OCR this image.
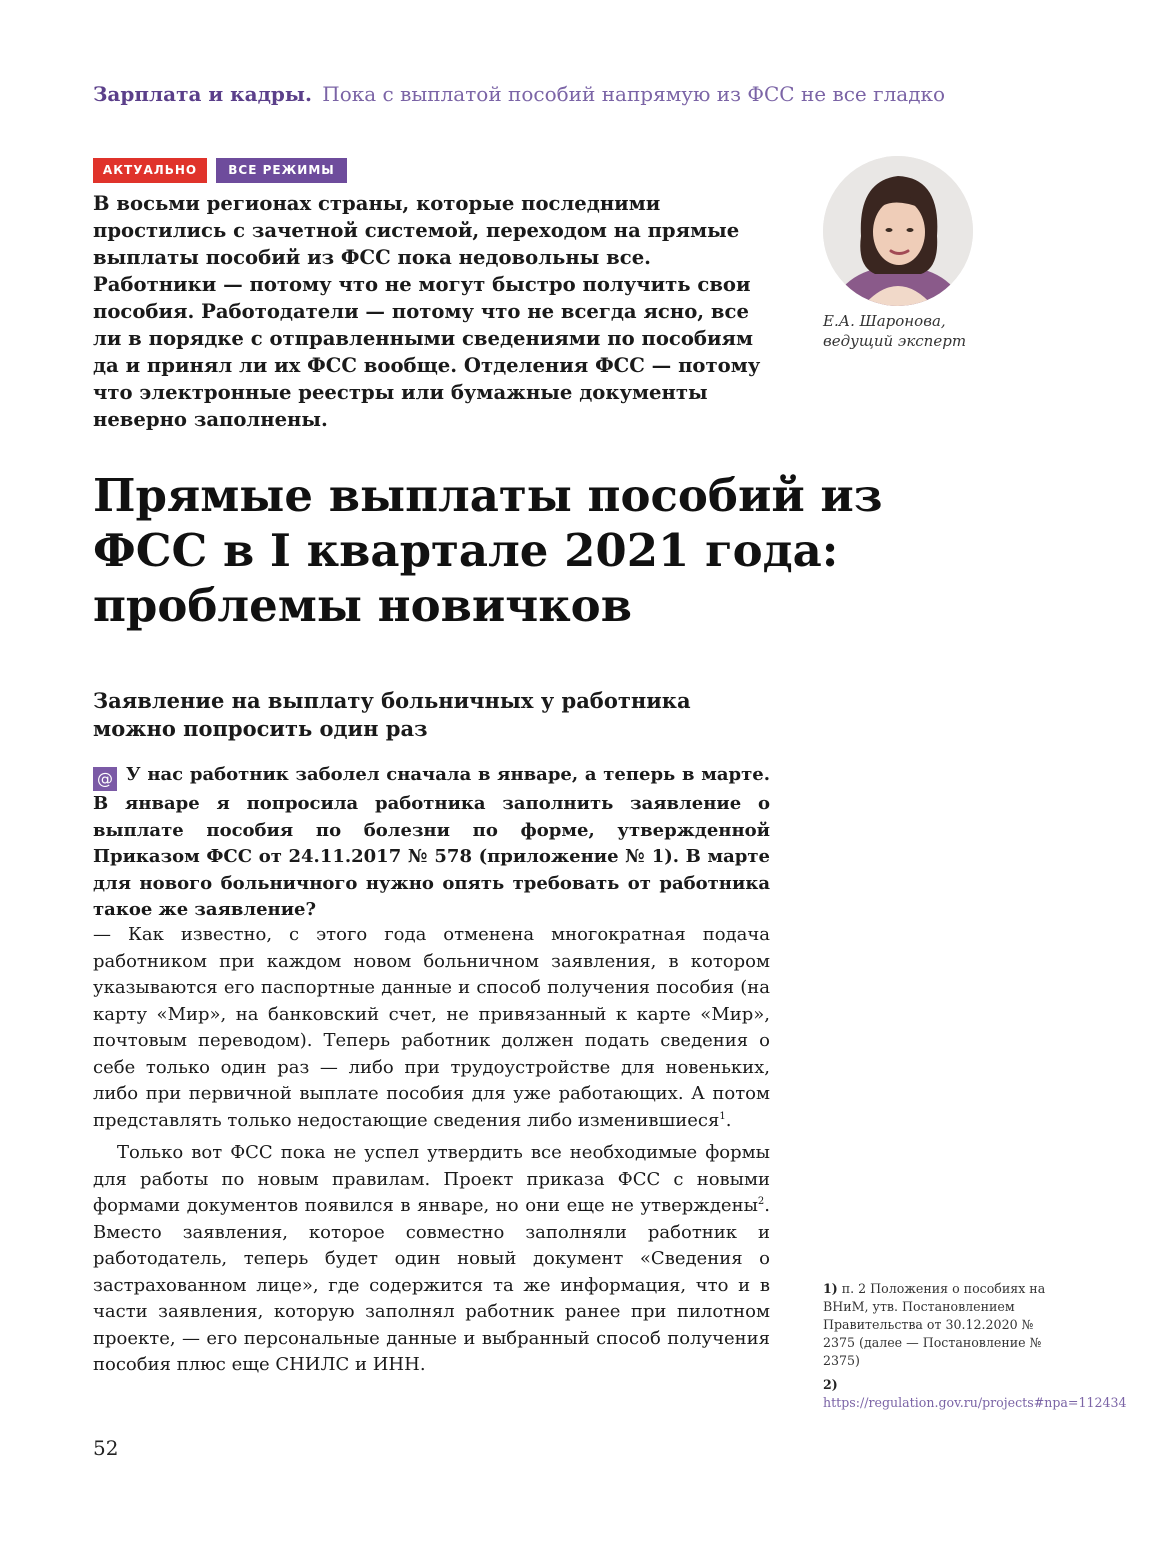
Зарплата и кадры. Пока с выплатой пособий напрямую из ФСС не все гладко
АКТУАЛЬНО	ВСЕ РЕЖИМЫ
В восьми регионах страны, которые последними простились с зачетной системой, переходом на прямые выплаты пособий из ФСС пока недовольны все. Работники — потому что не могут быстро получить свои пособия. Работодатели — потому что не всегда ясно, все ли в порядке с отправленными сведениями по пособиям да и принял ли их ФСС вообще. Отделения ФСС — потому что электронные реестры или бумажные документы неверно заполнены.
Е.А. Шаронова,
ведущий эксперт
Прямые выплаты пособий из ФСС в I квартале 2021 года: проблемы новичков
Заявление на выплату больничных у работника можно попросить один раз
@ У нас работник заболел сначала в январе, а теперь в марте. В январе я попросила работника заполнить заявление о выплате пособия по болезни по форме, утвержденной Приказом ФСС от 24.11.2017 № 578 (приложение № 1). В марте для нового больничного нужно опять требовать от работника такое же заявление?

— Как известно, с этого года отменена многократная подача работником при каждом новом больничном заявления, в котором указываются его паспортные данные и способ получения пособия (на карту «Мир», на банковский счет, не привязанный к карте «Мир», почтовым переводом). Теперь работник должен подать сведения о себе только один раз — либо при трудоустройстве для новеньких, либо при первичной выплате пособия для уже работающих. А потом представлять только недостающие сведения либо изменившиеся$^1$.

Только вот ФСС пока не успел утвердить все необходимые формы для работы по новым правилам. Проект приказа ФСС с новыми формами документов появился в январе, но они еще не утверждены$^2$. Вместо заявления, которое совместно заполняли работник и работодатель, теперь будет один новый документ «Сведения о застрахованном лице», где содержится та же информация, что и в части заявления, которую заполнял работник ранее при пилотном проекте, — его персональные данные и выбранный способ получения пособия плюс еще СНИЛС и ИНН.

1) п. 2 Положения о пособиях на ВНиМ, утв. Постановлением Правительства от 30.12.2020 № 2375 (далее — Постановление № 2375)
2) https://regulation.gov.ru/projects#npa=112434
52
